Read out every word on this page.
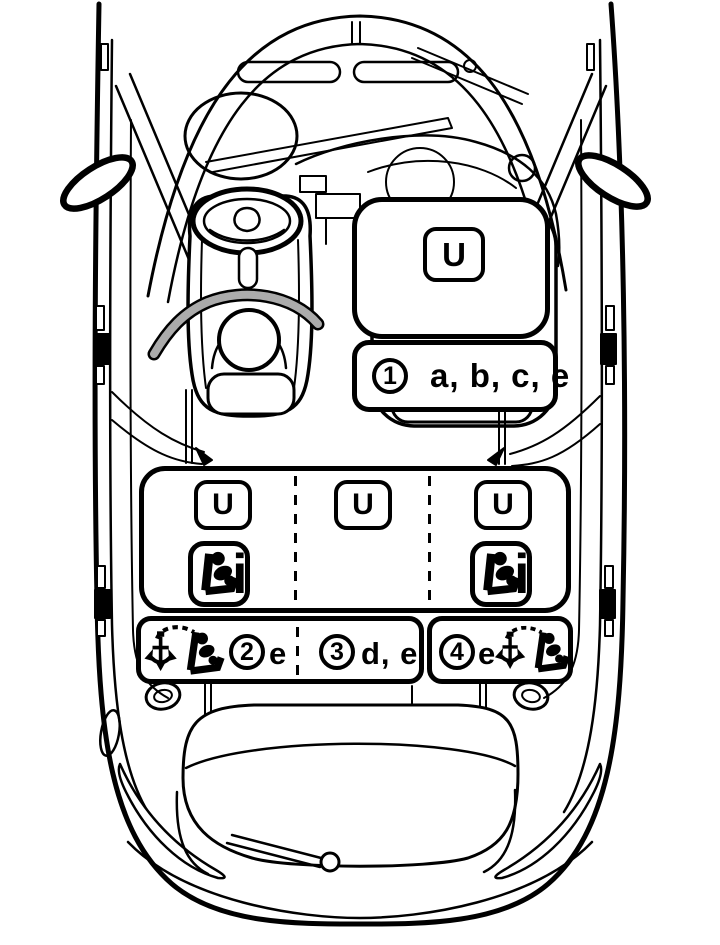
U
1 a, b, c, e
U	U	U
i	i
2 e 3 d, e 4 e
